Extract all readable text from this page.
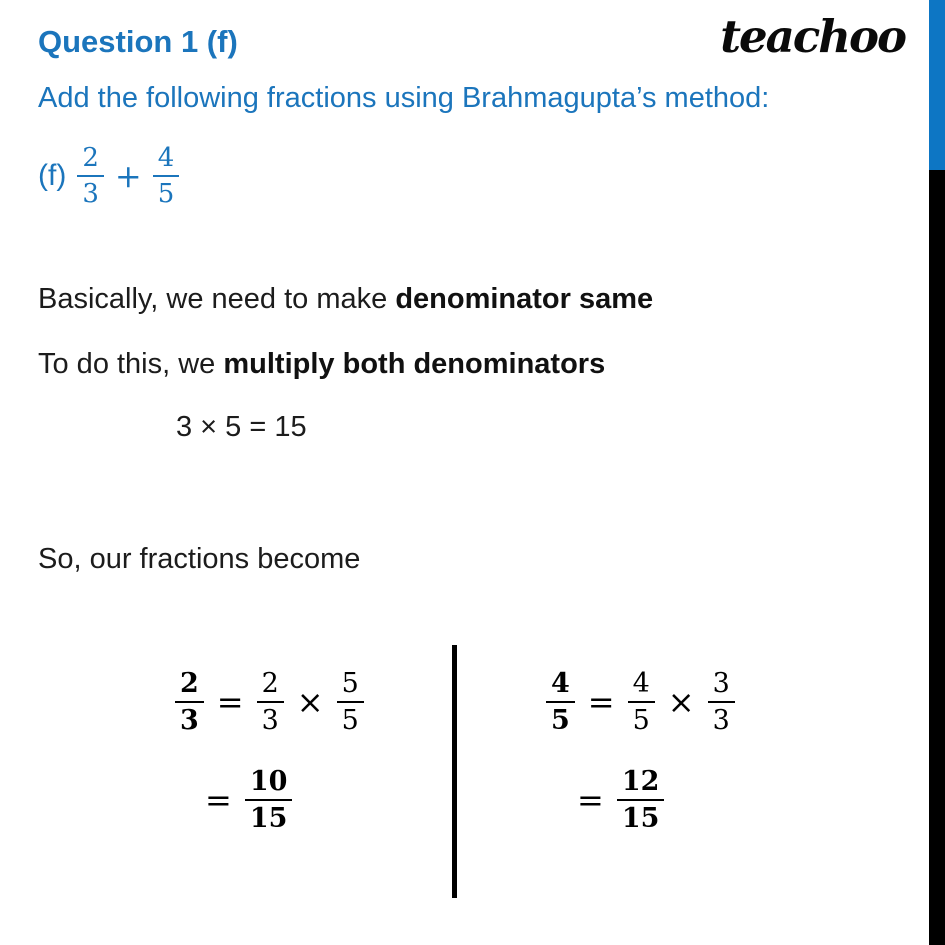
Question 1 (f)	teachoo
Add the following fractions using Brahmagupta’s method:
$(f) \frac{2}{3} + \frac{4}{5}$
Basically, we need to make denominator same
To do this, we multiply both denominators
3 × 5 = 15
So, our fractions become
$\frac{2}{3} = \frac{2}{3} \times \frac{5}{5}$
= $\frac{10}{15}$
$\frac{4}{5} = \frac{4}{5} \times \frac{3}{3}$
= $\frac{12}{15}$
